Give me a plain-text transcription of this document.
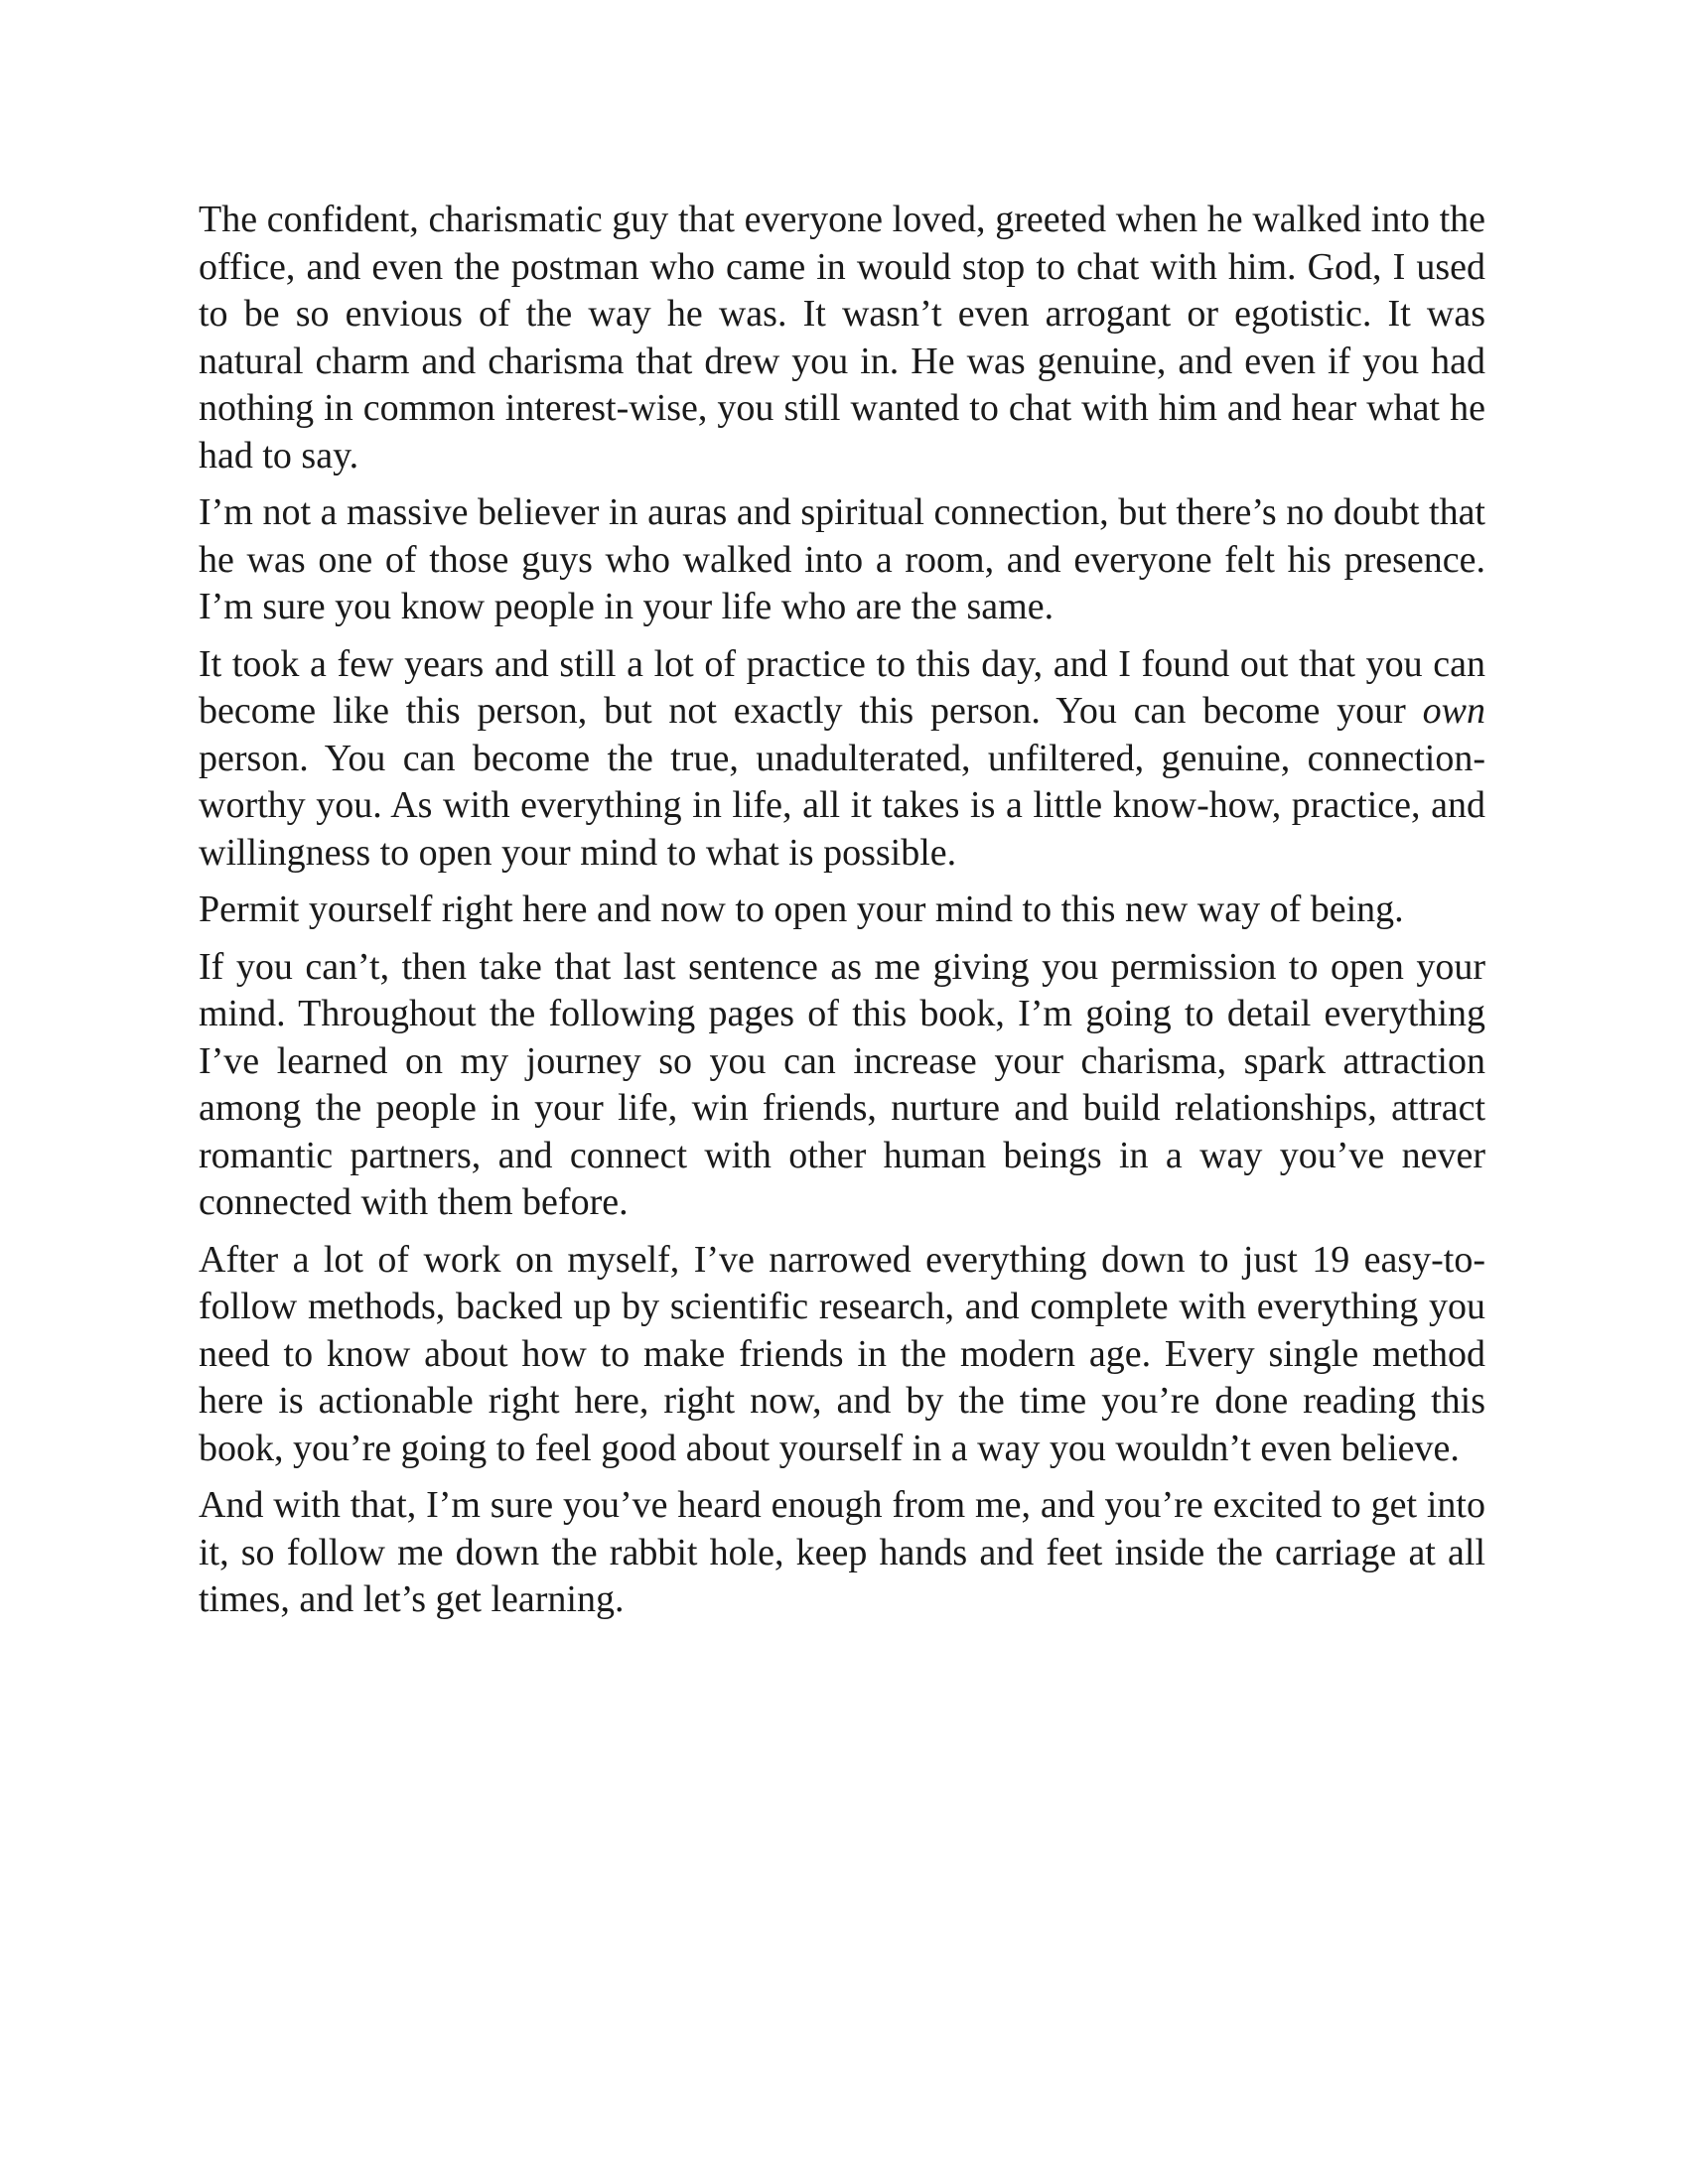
The confident, charismatic guy that everyone loved, greeted when he walked into the office, and even the postman who came in would stop to chat with him. God, I used to be so envious of the way he was. It wasn’t even arrogant or egotistic. It was natural charm and charisma that drew you in. He was genuine, and even if you had nothing in common interest-wise, you still wanted to chat with him and hear what he had to say.

I’m not a massive believer in auras and spiritual connection, but there’s no doubt that he was one of those guys who walked into a room, and everyone felt his presence. I’m sure you know people in your life who are the same.

It took a few years and still a lot of practice to this day, and I found out that you can become like this person, but not exactly this person. You can become your own person. You can become the true, unadulterated, unfiltered, genuine, connection-worthy you. As with everything in life, all it takes is a little know-how, practice, and willingness to open your mind to what is possible.

Permit yourself right here and now to open your mind to this new way of being.

If you can’t, then take that last sentence as me giving you permission to open your mind. Throughout the following pages of this book, I’m going to detail everything I’ve learned on my journey so you can increase your charisma, spark attraction among the people in your life, win friends, nurture and build relationships, attract romantic partners, and connect with other human beings in a way you’ve never connected with them before.

After a lot of work on myself, I’ve narrowed everything down to just 19 easy-to-follow methods, backed up by scientific research, and complete with everything you need to know about how to make friends in the modern age. Every single method here is actionable right here, right now, and by the time you’re done reading this book, you’re going to feel good about yourself in a way you wouldn’t even believe.

And with that, I’m sure you’ve heard enough from me, and you’re excited to get into it, so follow me down the rabbit hole, keep hands and feet inside the carriage at all times, and let’s get learning.
